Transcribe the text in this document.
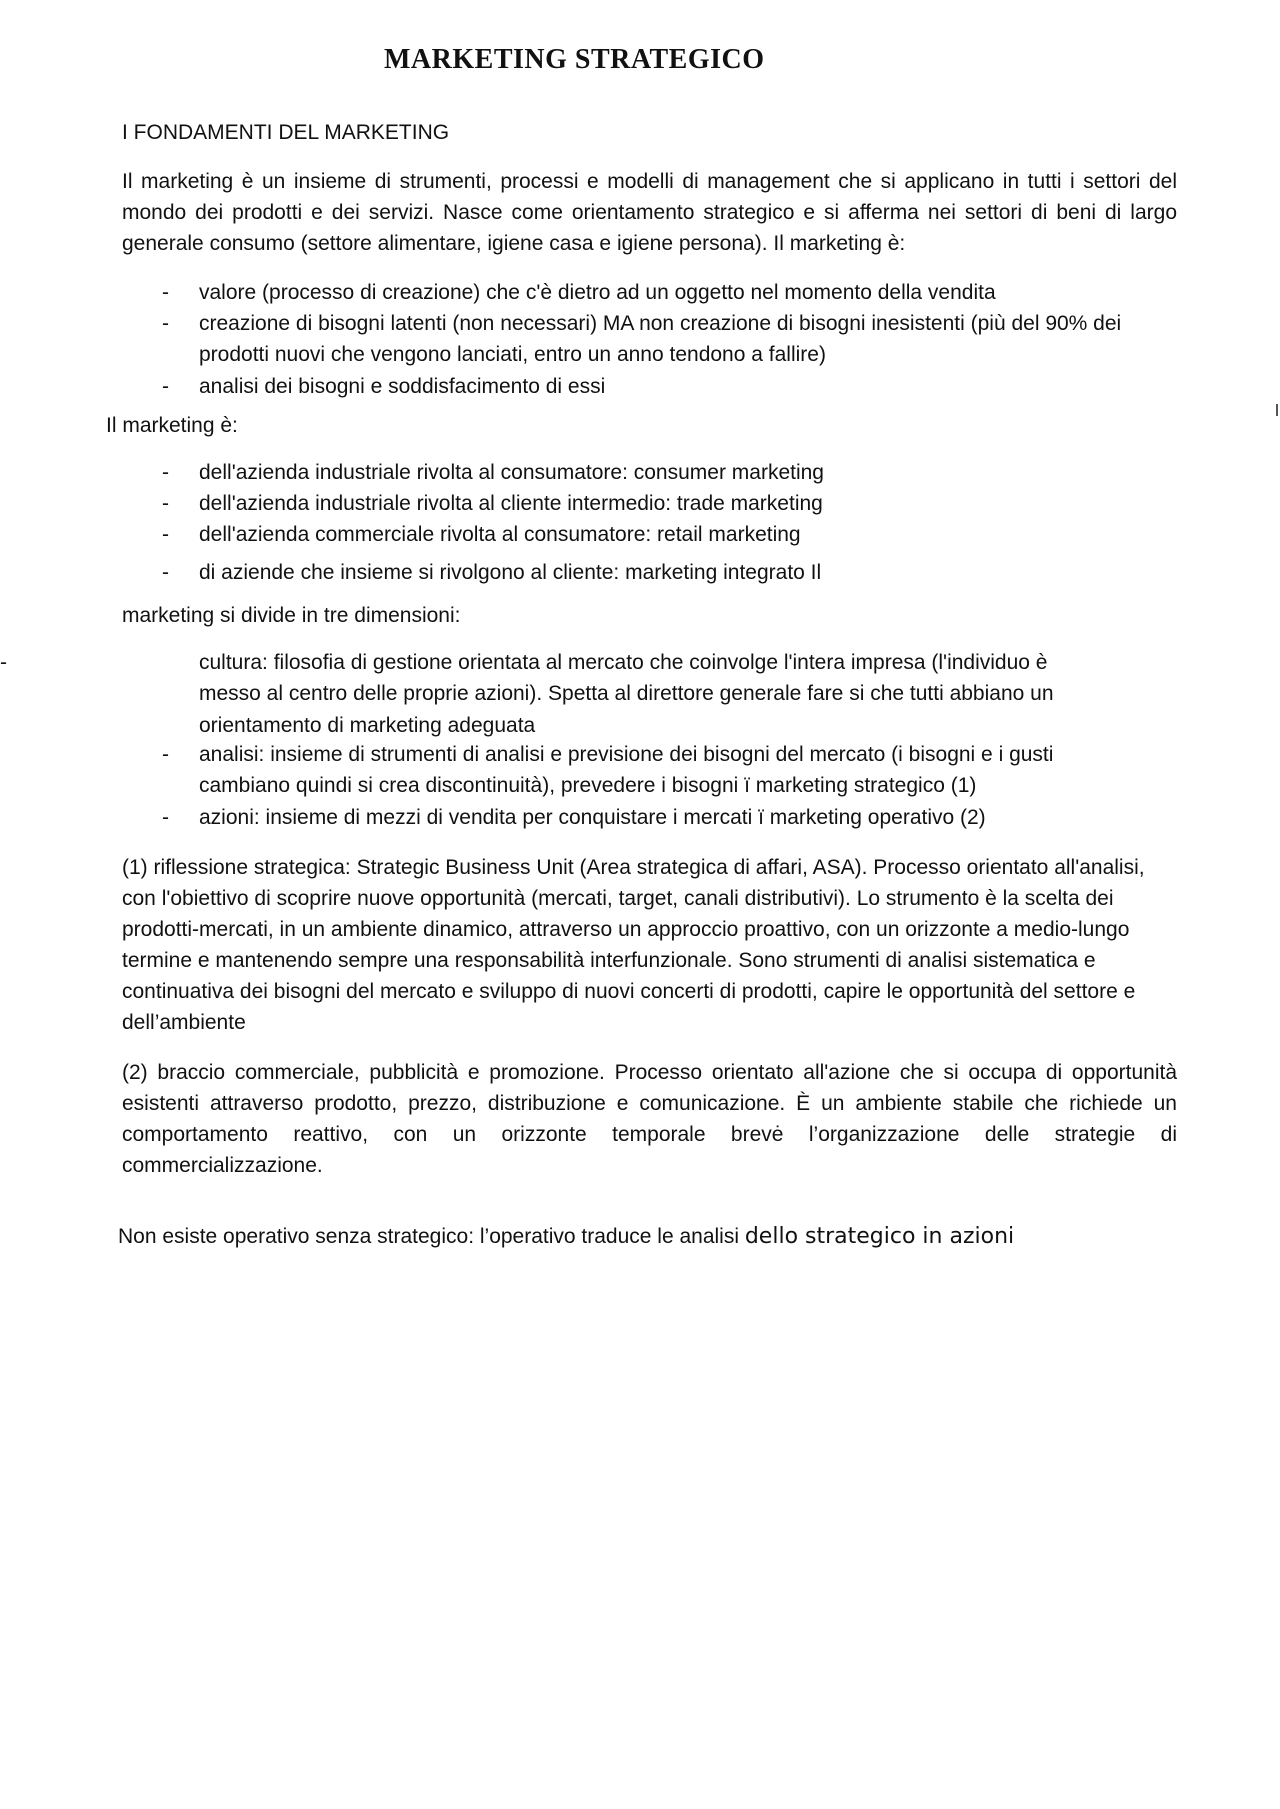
MARKETING STRATEGICO
I FONDAMENTI DEL MARKETING
Il marketing è un insieme di strumenti, processi e modelli di management che si applicano in tutti i settori del mondo dei prodotti e dei servizi. Nasce come orientamento strategico e si afferma nei settori di beni di largo generale consumo (settore alimentare, igiene casa e igiene persona). Il marketing è:
- valore (processo di creazione) che c'è dietro ad un oggetto nel momento della vendita
- creazione di bisogni latenti (non necessari) MA non creazione di bisogni inesistenti (più del 90% dei
prodotti nuovi che vengono lanciati, entro un anno tendono a fallire)
- analisi dei bisogni e soddisfacimento di essi
Il marketing è:
- dell'azienda industriale rivolta al consumatore: consumer marketing
- dell'azienda industriale rivolta al cliente intermedio: trade marketing
- dell'azienda commerciale rivolta al consumatore: retail marketing
- di aziende che insieme si rivolgono al cliente: marketing integrato Il
marketing si divide in tre dimensioni:
-	cultura: filosofia di gestione orientata al mercato che coinvolge l'intera impresa (l'individuo è
messo al centro delle proprie azioni). Spetta al direttore generale fare si che tutti abbiano un
orientamento di marketing adeguata
- analisi: insieme di strumenti di analisi e previsione dei bisogni del mercato (i bisogni e i gusti
cambiano quindi si crea discontinuità), prevedere i bisogni ï marketing strategico (1)
- azioni: insieme di mezzi di vendita per conquistare i mercati ï marketing operativo (2)
(1) riflessione strategica: Strategic Business Unit (Area strategica di affari, ASA). Processo orientato all'analisi, con l'obiettivo di scoprire nuove opportunità (mercati, target, canali distributivi). Lo strumento è la scelta dei prodotti-mercati, in un ambiente dinamico, attraverso un approccio proattivo, con un orizzonte a medio-lungo termine e mantenendo sempre una responsabilità interfunzionale. Sono strumenti di analisi sistematica e continuativa dei bisogni del mercato e sviluppo di nuovi concerti di prodotti, capire le opportunità del settore e dell’ambiente
(2) braccio commerciale, pubblicità e promozione. Processo orientato all'azione che si occupa di opportunità esistenti attraverso prodotto, prezzo, distribuzione e comunicazione. È un ambiente stabile che richiede un comportamento reattivo, con un orizzonte temporale brevė l’organizzazione delle strategie di commercializzazione.
Non esiste operativo senza strategico: l’operativo traduce le analisi dello strategico in azioni
